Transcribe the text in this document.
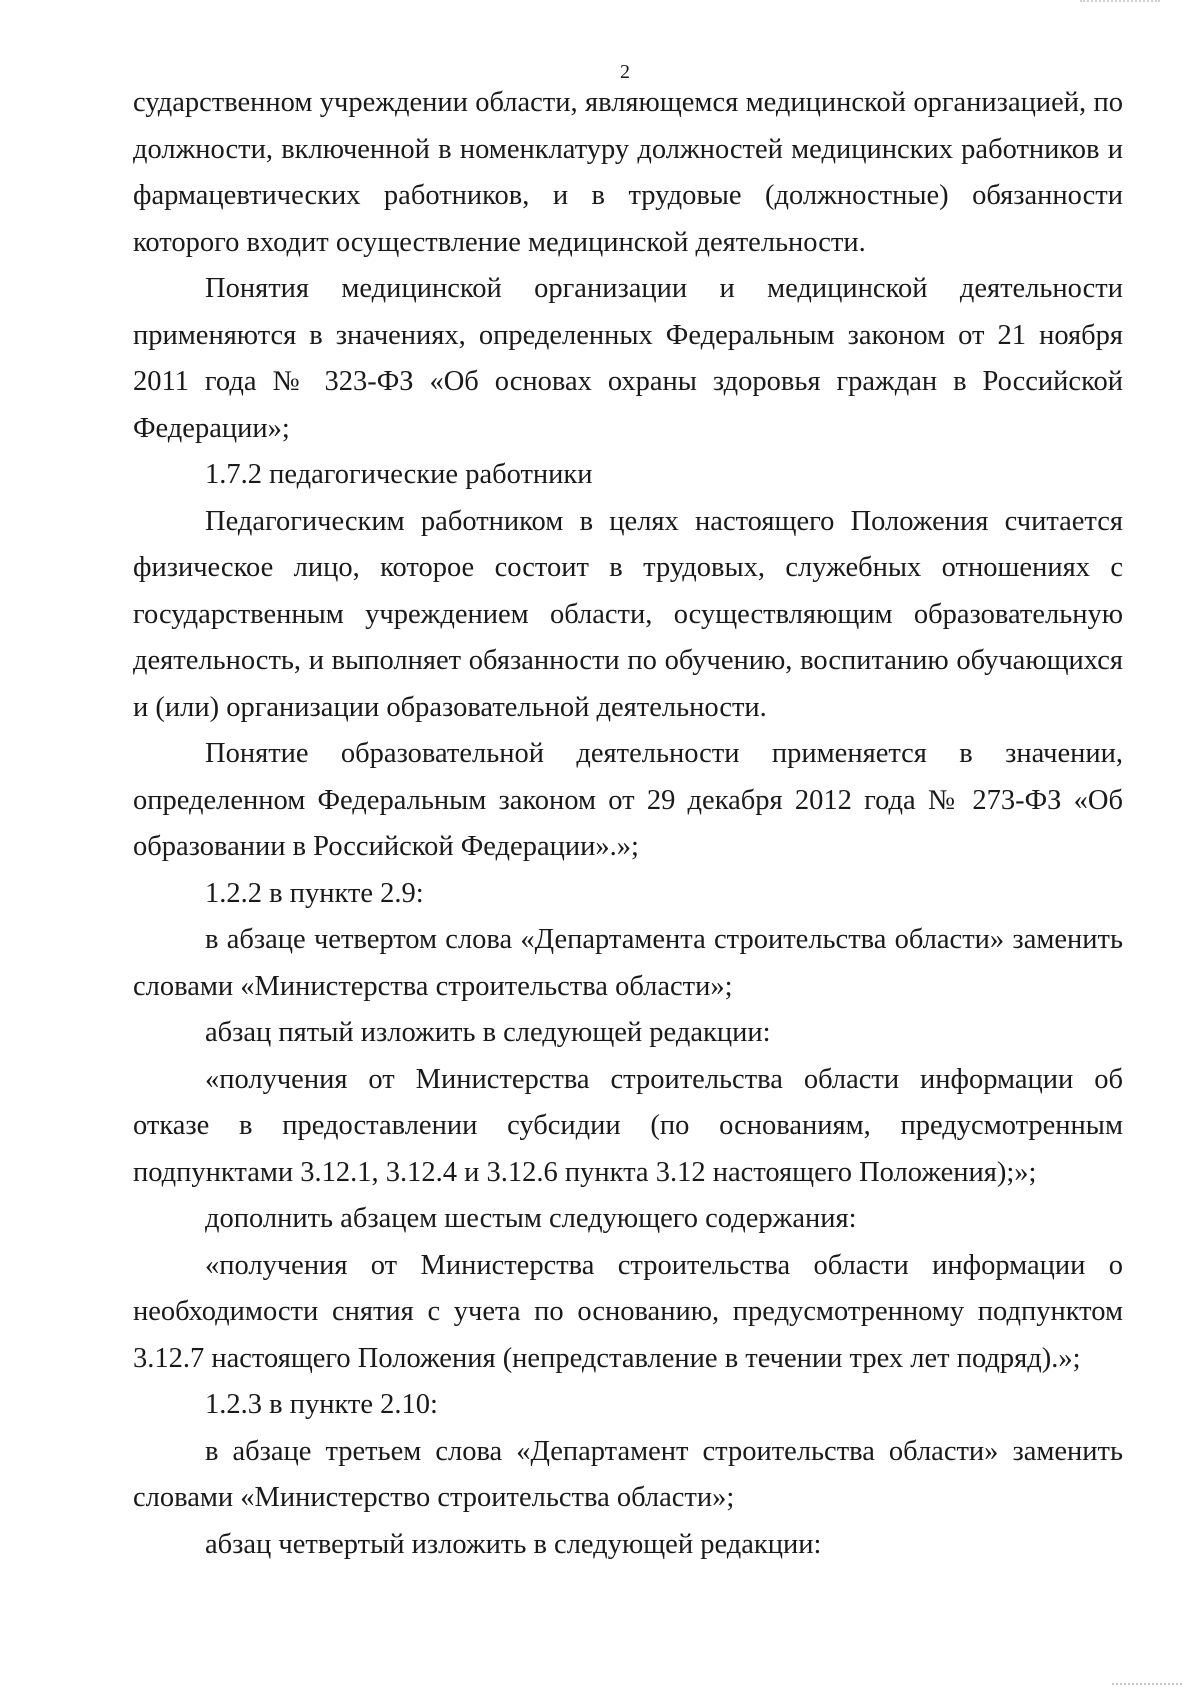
2

сударственном учреждении области, являющемся медицинской организацией, по должности, включенной в номенклатуру должностей медицинских работников и фармацевтических работников, и в трудовые (должностные) обязанности которого входит осуществление медицинской деятельности.

Понятия медицинской организации и медицинской деятельности применяются в значениях, определенных Федеральным законом от 21 ноября 2011 года № 323-ФЗ «Об основах охраны здоровья граждан в Российской Федерации»;

1.7.2 педагогические работники

Педагогическим работником в целях настоящего Положения считается физическое лицо, которое состоит в трудовых, служебных отношениях с государственным учреждением области, осуществляющим образовательную деятельность, и выполняет обязанности по обучению, воспитанию обучающихся и (или) организации образовательной деятельности.

Понятие образовательной деятельности применяется в значении, определенном Федеральным законом от 29 декабря 2012 года № 273-ФЗ «Об образовании в Российской Федерации».»;

1.2.2 в пункте 2.9:

в абзаце четвертом слова «Департамента строительства области» заменить словами «Министерства строительства области»;

абзац пятый изложить в следующей редакции:

«получения от Министерства строительства области информации об отказе в предоставлении субсидии (по основаниям, предусмотренным подпунктами 3.12.1, 3.12.4 и 3.12.6 пункта 3.12 настоящего Положения);»;

дополнить абзацем шестым следующего содержания:

«получения от Министерства строительства области информации о необходимости снятия с учета по основанию, предусмотренному подпунктом 3.12.7 настоящего Положения (непредставление в течении трех лет подряд).»;

1.2.3 в пункте 2.10:

в абзаце третьем слова «Департамент строительства области» заменить словами «Министерство строительства области»;

абзац четвертый изложить в следующей редакции:
